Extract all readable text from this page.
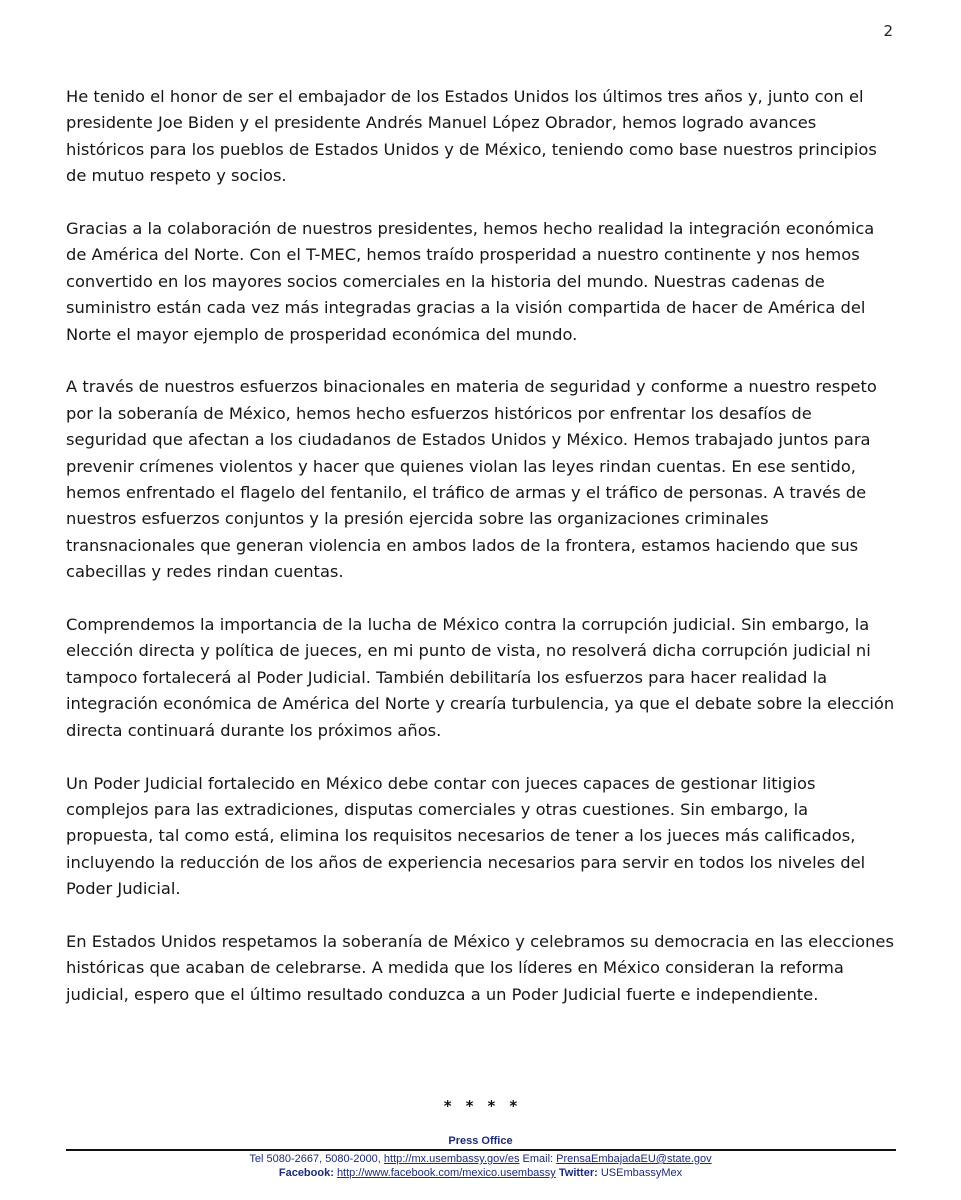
2

He tenido el honor de ser el embajador de los Estados Unidos los últimos tres años y, junto con el presidente Joe Biden y el presidente Andrés Manuel López Obrador, hemos logrado avances históricos para los pueblos de Estados Unidos y de México, teniendo como base nuestros principios de mutuo respeto y socios.

Gracias a la colaboración de nuestros presidentes, hemos hecho realidad la integración económica de América del Norte. Con el T-MEC, hemos traído prosperidad a nuestro continente y nos hemos convertido en los mayores socios comerciales en la historia del mundo. Nuestras cadenas de suministro están cada vez más integradas gracias a la visión compartida de hacer de América del Norte el mayor ejemplo de prosperidad económica del mundo.

A través de nuestros esfuerzos binacionales en materia de seguridad y conforme a nuestro respeto por la soberanía de México, hemos hecho esfuerzos históricos por enfrentar los desafíos de seguridad que afectan a los ciudadanos de Estados Unidos y México. Hemos trabajado juntos para prevenir crímenes violentos y hacer que quienes violan las leyes rindan cuentas. En ese sentido, hemos enfrentado el flagelo del fentanilo, el tráfico de armas y el tráfico de personas. A través de nuestros esfuerzos conjuntos y la presión ejercida sobre las organizaciones criminales transnacionales que generan violencia en ambos lados de la frontera, estamos haciendo que sus cabecillas y redes rindan cuentas.

Comprendemos la importancia de la lucha de México contra la corrupción judicial. Sin embargo, la elección directa y política de jueces, en mi punto de vista, no resolverá dicha corrupción judicial ni tampoco fortalecerá al Poder Judicial. También debilitaría los esfuerzos para hacer realidad la integración económica de América del Norte y crearía turbulencia, ya que el debate sobre la elección directa continuará durante los próximos años.

Un Poder Judicial fortalecido en México debe contar con jueces capaces de gestionar litigios complejos para las extradiciones, disputas comerciales y otras cuestiones. Sin embargo, la propuesta, tal como está, elimina los requisitos necesarios de tener a los jueces más calificados, incluyendo la reducción de los años de experiencia necesarios para servir en todos los niveles del Poder Judicial.

En Estados Unidos respetamos la soberanía de México y celebramos su democracia en las elecciones históricas que acaban de celebrarse. A medida que los líderes en México consideran la reforma judicial, espero que el último resultado conduzca a un Poder Judicial fuerte e independiente.

* * * *
Press Office
Tel 5080-2667, 5080-2000, http://mx.usembassy.gov/es Email: PrensaEmbajadaEU@state.gov
Facebook: http://www.facebook.com/mexico.usembassy Twitter: USEmbassyMex
